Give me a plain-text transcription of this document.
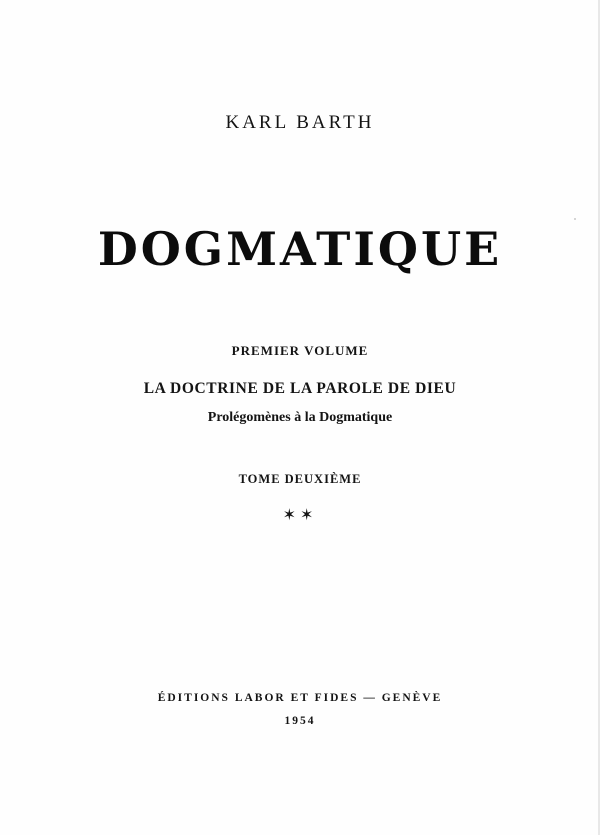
KARL BARTH
DOGMATIQUE
PREMIER VOLUME
LA DOCTRINE DE LA PAROLE DE DIEU
Prolégomènes à la Dogmatique
TOME DEUXIÈME
✶✶
ÉDITIONS LABOR ET FIDES — GENÈVE
1954
